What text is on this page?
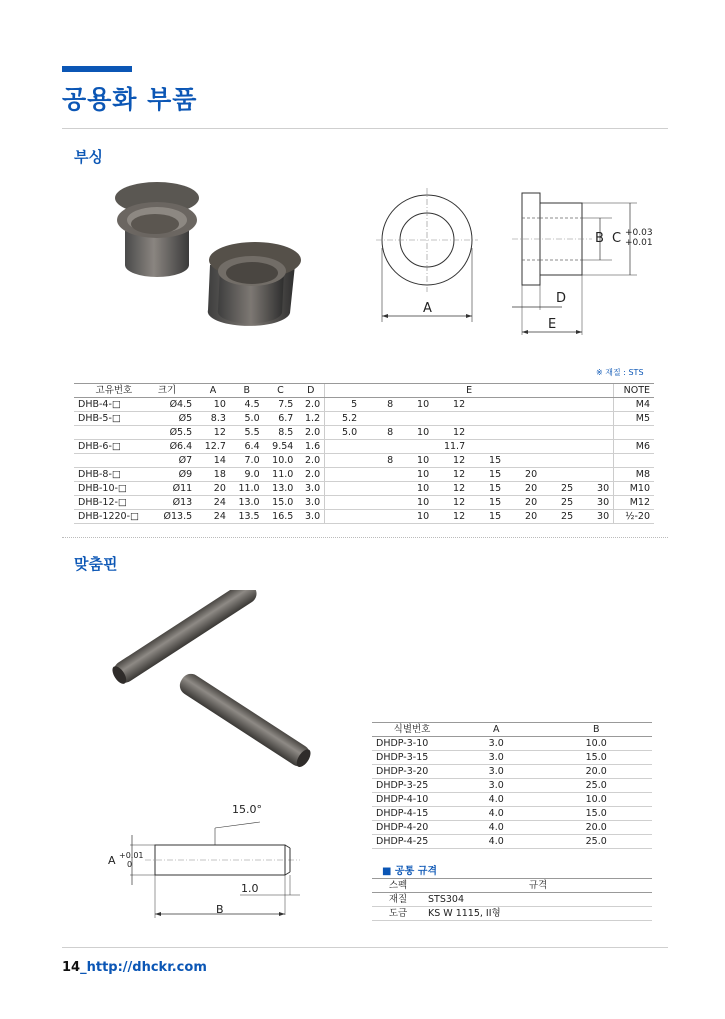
공용화 부품
부싱
A
B C +0.03
+0.01
D
E
※ 재질 : STS
고유번호	크기	A	B	C	D	E								NOTE
DHB-4-□	Ø4.5	10	4.5	7.5	2.0	5	8	10	12					M4
DHB-5-□	Ø5	8.3	5.0	6.7	1.2	5.2								M5
	Ø5.5	12	5.5	8.5	2.0	5.0	8	10	12					
DHB-6-□	Ø6.4	12.7	6.4	9.54	1.6				11.7					M6
	Ø7	14	7.0	10.0	2.0		8	10	12	15				
DHB-8-□	Ø9	18	9.0	11.0	2.0			10	12	15	20			M8
DHB-10-□	Ø11	20	11.0	13.0	3.0			10	12	15	20	25	30	M10
DHB-12-□	Ø13	24	13.0	15.0	3.0			10	12	15	20	25	30	M12
DHB-1220-□	Ø13.5	24	13.5	16.5	3.0			10	12	15	20	25	30	½-20
맞춤핀
15.0°
A +0.01
0
1.0
B
식별번호	A	B
DHDP-3-10	3.0	10.0
DHDP-3-15	3.0	15.0
DHDP-3-20	3.0	20.0
DHDP-3-25	3.0	25.0
DHDP-4-10	4.0	10.0
DHDP-4-15	4.0	15.0
DHDP-4-20	4.0	20.0
DHDP-4-25	4.0	25.0
■ 공통 규격
스펙	규격
재질	STS304
도금	KS W 1115, II형
14_http://dhckr.com
